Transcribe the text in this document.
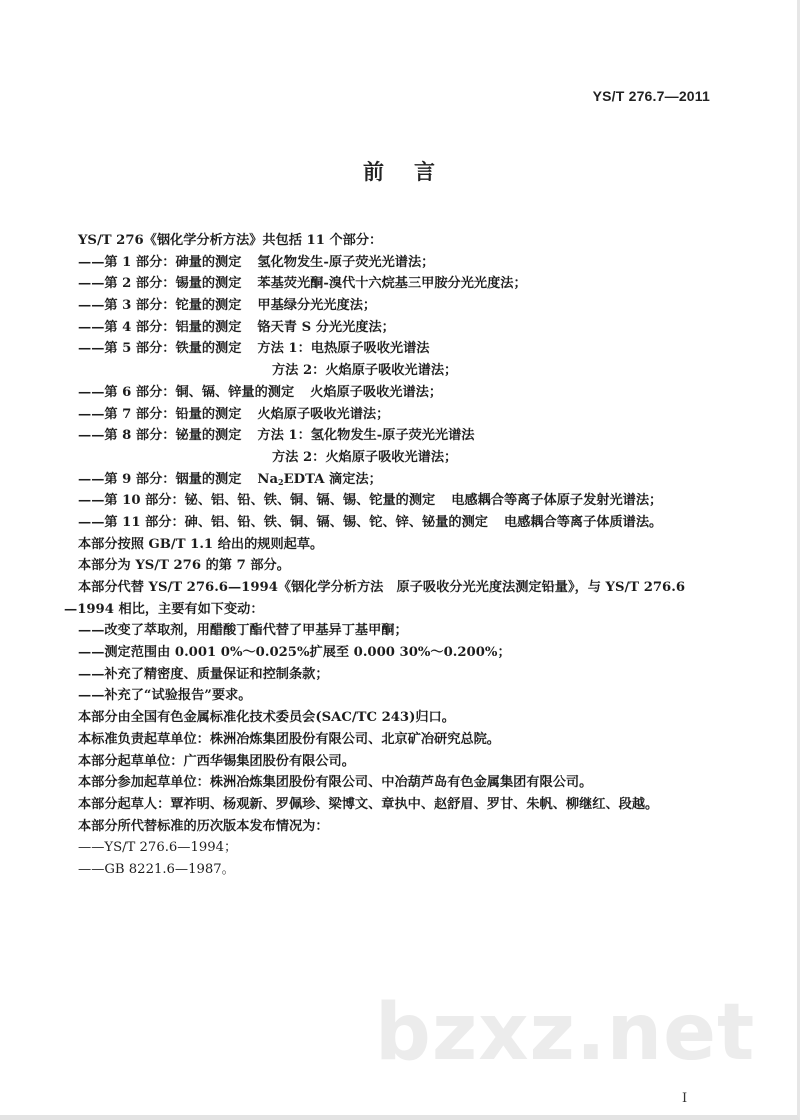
YS/T 276.7—2011
前言
YS/T 276《铟化学分析方法》共包括 11 个部分：
——第 1 部分：砷量的测定 氢化物发生-原子荧光光谱法；
——第 2 部分：锡量的测定 苯基荧光酮-溴代十六烷基三甲胺分光光度法；
——第 3 部分：铊量的测定 甲基绿分光光度法；
——第 4 部分：铝量的测定 铬天青 S 分光光度法；
——第 5 部分：铁量的测定 方法 1：电热原子吸收光谱法
方法 2：火焰原子吸收光谱法；
——第 6 部分：铜、镉、锌量的测定 火焰原子吸收光谱法；
——第 7 部分：铅量的测定 火焰原子吸收光谱法；
——第 8 部分：铋量的测定 方法 1：氢化物发生-原子荧光光谱法
方法 2：火焰原子吸收光谱法；
——第 9 部分：铟量的测定 $Na_2EDTA$ 滴定法；
——第 10 部分：铋、铝、铅、铁、铜、镉、锡、铊量的测定 电感耦合等离子体原子发射光谱法；
——第 11 部分：砷、铝、铅、铁、铜、镉、锡、铊、锌、铋量的测定 电感耦合等离子体质谱法。
本部分按照 GB/T 1.1 给出的规则起草。
本部分为 YS/T 276 的第 7 部分。
本部分代替 YS/T 276.6—1994《铟化学分析方法　原子吸收分光光度法测定铅量》，与 YS/T 276.6
—1994 相比，主要有如下变动：
——改变了萃取剂，用醋酸丁酯代替了甲基异丁基甲酮；
——测定范围由 0.001 0%～0.025%扩展至 0.000 30%～0.200%；
——补充了精密度、质量保证和控制条款；
——补充了“试验报告”要求。
本部分由全国有色金属标准化技术委员会(SAC/TC 243)归口。
本标准负责起草单位：株洲冶炼集团股份有限公司、北京矿冶研究总院。
本部分起草单位：广西华锡集团股份有限公司。
本部分参加起草单位：株洲冶炼集团股份有限公司、中冶葫芦岛有色金属集团有限公司。
本部分起草人：覃祚明、杨观新、罗佩珍、梁博文、章执中、赵舒眉、罗甘、朱帆、柳继红、段越。
本部分所代替标准的历次版本发布情况为：
——YS/T 276.6—1994；
——GB 8221.6—1987。
bzxz.net
I
